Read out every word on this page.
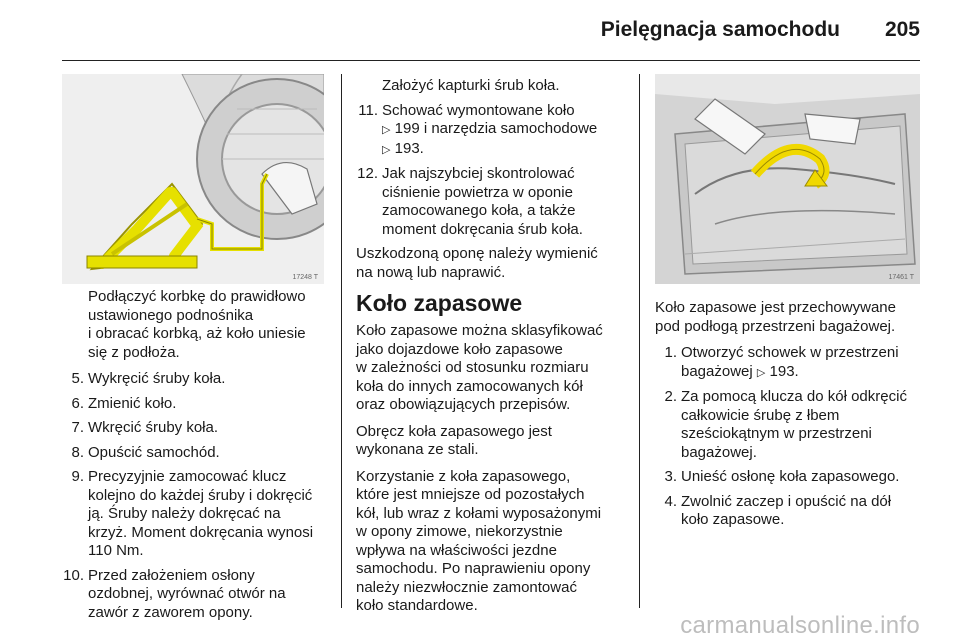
Pielęgnacja samochodu 205
17248 T	17461 T

Podłączyć korbkę do prawidłowo
ustawionego podnośnika
i obracać korbką, aż koło uniesie
się z podłoża.

5. Wykręcić śruby koła.
6. Zmienić koło.
7. Wkręcić śruby koła.
8. Opuścić samochód.
9. Precyzyjnie zamocować klucz
kolejno do każdej śruby i dokręcić
ją. Śruby należy dokręcać na
krzyż. Moment dokręcania wynosi
110 Nm.
10. Przed założeniem osłony
ozdobnej, wyrównać otwór na
zawór z zaworem opony.

Założyć kapturki śrub koła.

11. Schować wymontowane koło
▷ 199 i narzędzia samochodowe
▷ 193.
12. Jak najszybciej skontrolować
ciśnienie powietrza w oponie
zamocowanego koła, a także
moment dokręcania śrub koła.

Uszkodzoną oponę należy wymienić
na nową lub naprawić.

Koło zapasowe

Koło zapasowe można sklasyfikować
jako dojazdowe koło zapasowe
w zależności od stosunku rozmiaru
koła do innych zamocowanych kół
oraz obowiązujących przepisów.

Obręcz koła zapasowego jest
wykonana ze stali.

Korzystanie z koła zapasowego,
które jest mniejsze od pozostałych
kół, lub wraz z kołami wyposażonymi
w opony zimowe, niekorzystnie
wpływa na właściwości jezdne
samochodu. Po naprawieniu opony
należy niezwłocznie zamontować
koło standardowe.

Koło zapasowe jest przechowywane
pod podłogą przestrzeni bagażowej.

1. Otworzyć schowek w przestrzeni
bagażowej ▷ 193.
2. Za pomocą klucza do kół odkręcić
całkowicie śrubę z łbem
sześciokątnym w przestrzeni
bagażowej.
3. Unieść osłonę koła zapasowego.
4. Zwolnić zaczep i opuścić na dół
koło zapasowe.
carmanualsonline.info
